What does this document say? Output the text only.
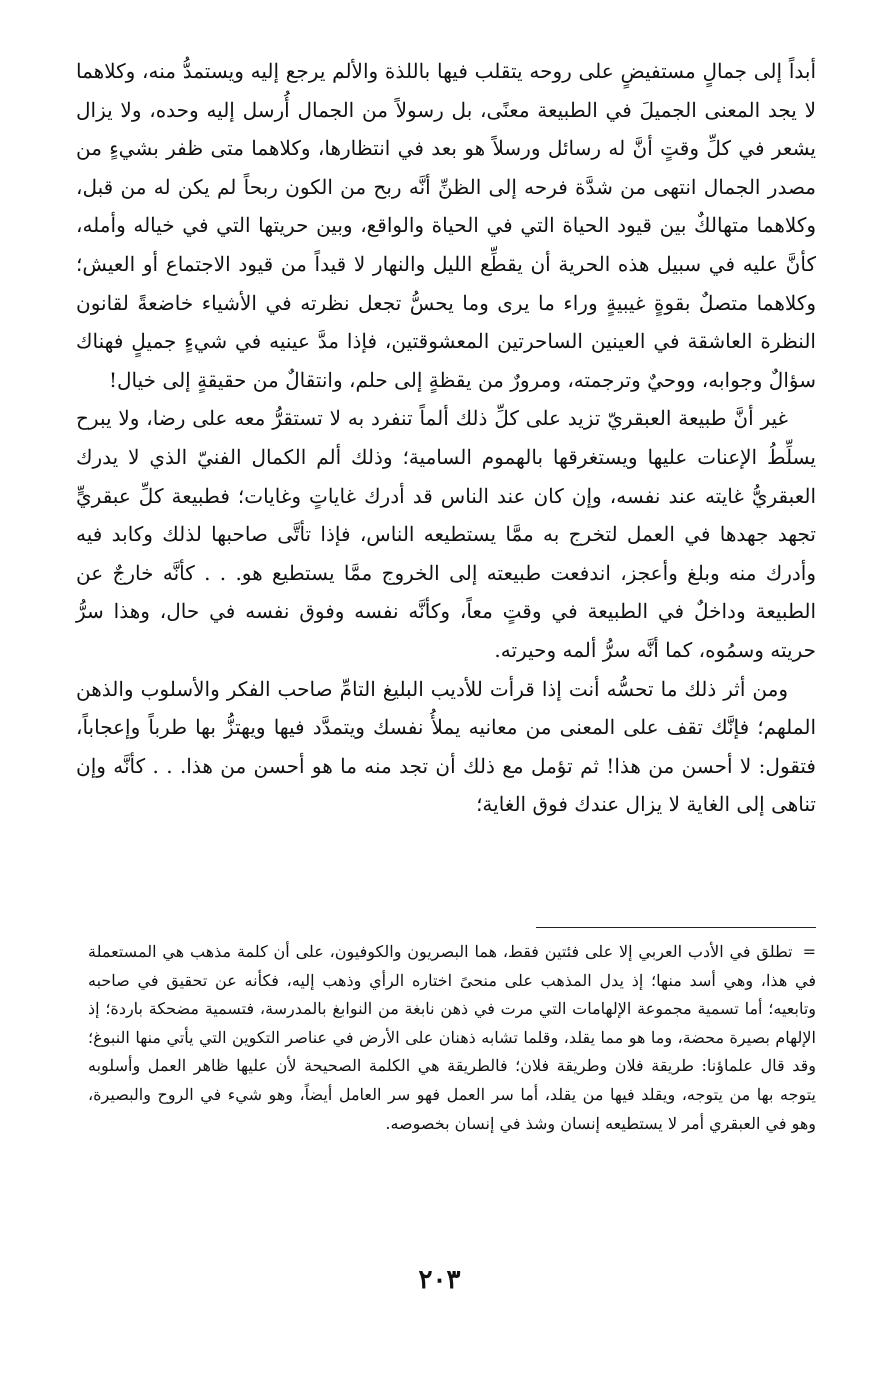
أبداً إلى جمالٍ مستفيضٍ على روحه يتقلب فيها باللذة والألم يرجع إليه ويستمدُّ منه، وكلاهما لا يجد المعنى الجميلَ في الطبيعة معنًى، بل رسولاً من الجمال أُرسل إليه وحده، ولا يزال يشعر في كلِّ وقتٍ أنَّ له رسائل ورسلاً هو بعد في انتظارها، وكلاهما متى ظفر بشيءٍ من مصدر الجمال انتهى من شدَّة فرحه إلى الظنِّ أنَّه ربح من الكون ربحاً لم يكن له من قبل، وكلاهما متهالكٌ بين قيود الحياة التي في الحياة والواقع، وبين حريتها التي في خياله وأمله، كأنَّ عليه في سبيل هذه الحرية أن يقطِّع الليل والنهار لا قيداً من قيود الاجتماع أو العيش؛ وكلاهما متصلٌ بقوةٍ غيبيةٍ وراء ما يرى وما يحسُّ تجعل نظرته في الأشياء خاضعةً لقانون النظرة العاشقة في العينين الساحرتين المعشوقتين، فإذا مدَّ عينيه في شيءٍ جميلٍ فهناك سؤالٌ وجوابه، ووحيٌ وترجمته، ومرورٌ من يقظةٍ إلى حلم، وانتقالٌ من حقيقةٍ إلى خيال!

غير أنَّ طبيعة العبقريّ تزيد على كلِّ ذلك ألماً تنفرد به لا تستقرُّ معه على رضا، ولا يبرح يسلِّطُ الإعنات عليها ويستغرقها بالهموم السامية؛ وذلك ألم الكمال الفنيّ الذي لا يدرك العبقريُّ غايته عند نفسه، وإن كان عند الناس قد أدرك غاياتٍ وغايات؛ فطبيعة كلِّ عبقريٍّ تجهد جهدها في العمل لتخرج به ممَّا يستطيعه الناس، فإذا تأتَّى صاحبها لذلك وكابد فيه وأدرك منه وبلغ وأعجز، اندفعت طبيعته إلى الخروج ممَّا يستطيع هو. . . كأنَّه خارجٌ عن الطبيعة وداخلٌ في الطبيعة في وقتٍ معاً، وكأنَّه نفسه وفوق نفسه في حال، وهذا سرُّ حريته وسمُوه، كما أنَّه سرُّ ألمه وحيرته.

ومن أثر ذلك ما تحسُّه أنت إذا قرأت للأديب البليغ التامِّ صاحب الفكر والأسلوب والذهن الملهم؛ فإنَّك تقف على المعنى من معانيه يملأُ نفسك ويتمدَّد فيها ويهتزُّ بها طرباً وإعجاباً، فتقول: لا أحسن من هذا! ثم تؤمل مع ذلك أن تجد منه ما هو أحسن من هذا. . . كأنَّه وإن تناهى إلى الغاية لا يزال عندك فوق الغاية؛

=تطلق في الأدب العربي إلا على فئتين فقط، هما البصريون والكوفيون، على أن كلمة مذهب هي المستعملة في هذا، وهي أسد منها؛ إذ يدل المذهب على منحىً اختاره الرأي وذهب إليه، فكأنه عن تحقيق في صاحبه وتابعيه؛ أما تسمية مجموعة الإلهامات التي مرت في ذهن نابغة من النوابغ بالمدرسة، فتسمية مضحكة باردة؛ إذ الإلهام بصيرة محضة، وما هو مما يقلد، وقلما تشابه ذهنان على الأرض في عناصر التكوين التي يأتي منها النبوغ؛ وقد قال علماؤنا: طريقة فلان وطريقة فلان؛ فالطريقة هي الكلمة الصحيحة لأن عليها ظاهر العمل وأسلوبه يتوجه بها من يتوجه، ويقلد فيها من يقلد، أما سر العمل فهو سر العامل أيضاً، وهو شيء في الروح والبصيرة، وهو في العبقري أمر لا يستطيعه إنسان وشذ في إنسان بخصوصه.
٢٠٣
